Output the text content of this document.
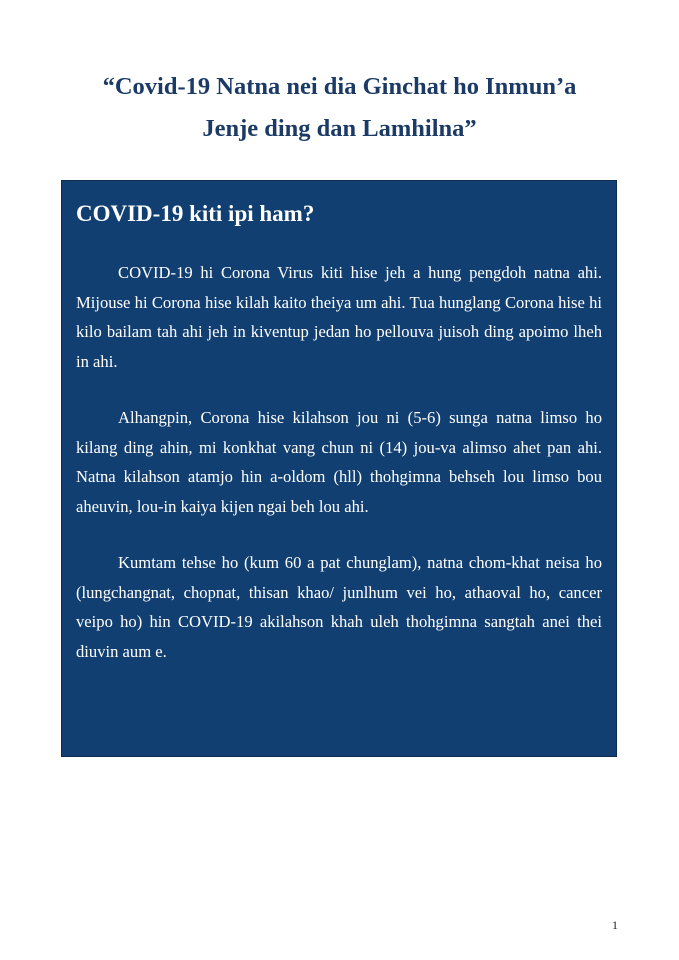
“Covid-19 Natna nei dia Ginchat ho Inmun’a
Jenje ding dan Lamhilna”
COVID-19 kiti ipi ham?

COVID-19 hi Corona Virus kiti hise jeh a hung pengdoh natna ahi. Mijouse hi Corona hise kilah kaito theiya um ahi. Tua hunglang Corona hise hi kilo bailam tah ahi jeh in kiventup jedan ho pellouva juisoh ding apoimo lheh in ahi.

Alhangpin, Corona hise kilahson jou ni (5-6) sunga natna limso ho kilang ding ahin, mi konkhat vang chun ni (14) jou-va alimso ahet pan ahi. Natna kilahson atamjo hin a-oldom (hll) thohgimna behseh lou limso bou aheuvin, lou-in kaiya kijen ngai beh lou ahi.

Kumtam tehse ho (kum 60 a pat chunglam), natna chom-khat neisa ho (lungchangnat, chopnat, thisan khao/ junlhum vei ho, athaoval ho, cancer veipo ho) hin COVID-19 akilahson khah uleh thohgimna sangtah anei thei diuvin aum e.

1
